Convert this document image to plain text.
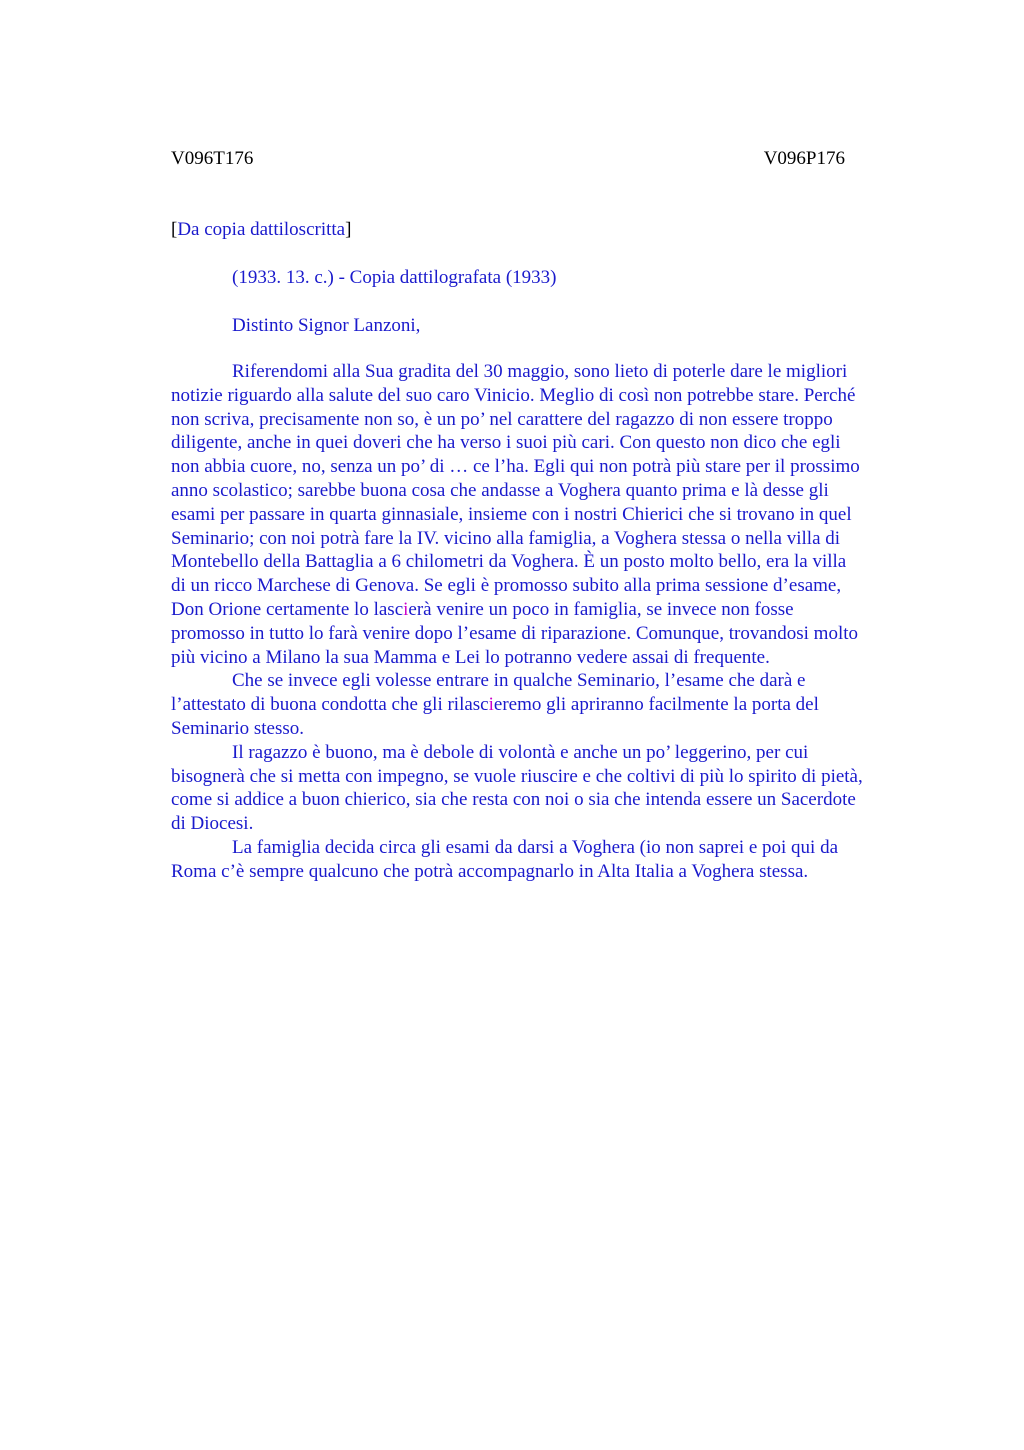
V096T176	V096P176
[Da copia dattiloscritta]
(1933. 13. c.) - Copia dattilografata (1933)
Distinto Signor Lanzoni,
Riferendomi alla Sua gradita del 30 maggio, sono lieto di poterle dare le migliori
notizie riguardo alla salute del suo caro Vinicio. Meglio di così non potrebbe stare. Perché
non scriva, precisamente non so, è un po’ nel carattere del ragazzo di non essere troppo
diligente, anche in quei doveri che ha verso i suoi più cari. Con questo non dico che egli
non abbia cuore, no, senza un po’ di … ce l’ha. Egli qui non potrà più stare per il prossimo
anno scolastico; sarebbe buona cosa che andasse a Voghera quanto prima e là desse gli
esami per passare in quarta ginnasiale, insieme con i nostri Chierici che si trovano in quel
Seminario; con noi potrà fare la IV. vicino alla famiglia, a Voghera stessa o nella villa di
Montebello della Battaglia a 6 chilometri da Voghera. È un posto molto bello, era la villa
di un ricco Marchese di Genova. Se egli è promosso subito alla prima sessione d’esame,
Don Orione certamente lo lascierà venire un poco in famiglia, se invece non fosse
promosso in tutto lo farà venire dopo l’esame di riparazione. Comunque, trovandosi molto
più vicino a Milano la sua Mamma e Lei lo potranno vedere assai di frequente.
Che se invece egli volesse entrare in qualche Seminario, l’esame che darà e
l’attestato di buona condotta che gli rilascieremo gli apriranno facilmente la porta del
Seminario stesso.
Il ragazzo è buono, ma è debole di volontà e anche un po’ leggerino, per cui
bisognerà che si metta con impegno, se vuole riuscire e che coltivi di più lo spirito di pietà,
come si addice a buon chierico, sia che resta con noi o sia che intenda essere un Sacerdote
di Diocesi.
La famiglia decida circa gli esami da darsi a Voghera (io non saprei e poi qui da
Roma c’è sempre qualcuno che potrà accompagnarlo in Alta Italia a Voghera stessa.
